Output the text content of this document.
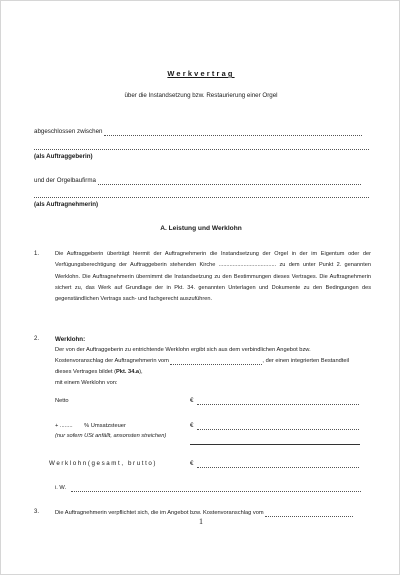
Werkvertrag
über die Instandsetzung bzw. Restaurierung einer Orgel
abgeschlossen zwischen
(als Auftraggeberin)
und der Orgelbaufirma
(als Auftragnehmerin)
A. Leistung und Werklohn
1.	Die Auftraggeberin überträgt hiermit der Auftragnehmerin die Instandsetzung der Orgel in der im Eigentum oder der Verfügungsberechtigung der Auftraggeberin stehenden Kirche ..................................... zu dem unter Punkt 2. genannten Werklohn. Die Auftragnehmerin übernimmt die Instandsetzung zu den Bestimmungen dieses Vertrages. Die Auftragnehmerin sichert zu, das Werk auf Grundlage der in Pkt. 34. genannten Unterlagen und Dokumente zu den Bedingungen des gegenständlichen Vertrags sach- und fachgerecht auszuführen.
2.	Werklohn:
Der von der Auftraggeberin zu entrichtende Werklohn ergibt sich aus dem verbindlichen Angebot bzw.
Kostenvoranschlag der Auftragnehmerin vom	, der einen integrierten Bestandteil
dieses Vertrages bildet (Pkt. 34.a),
mit einem Werklohn von:
Netto	€
+ ........ % Umsatzsteuer	€
(nur sofern USt anfällt, ansonsten streichen)
Werklohn(gesamt, brutto)	€
i. W.
3.	Die Auftragnehmerin verpflichtet sich, die im Angebot bzw. Kostenvoranschlag vom
1
